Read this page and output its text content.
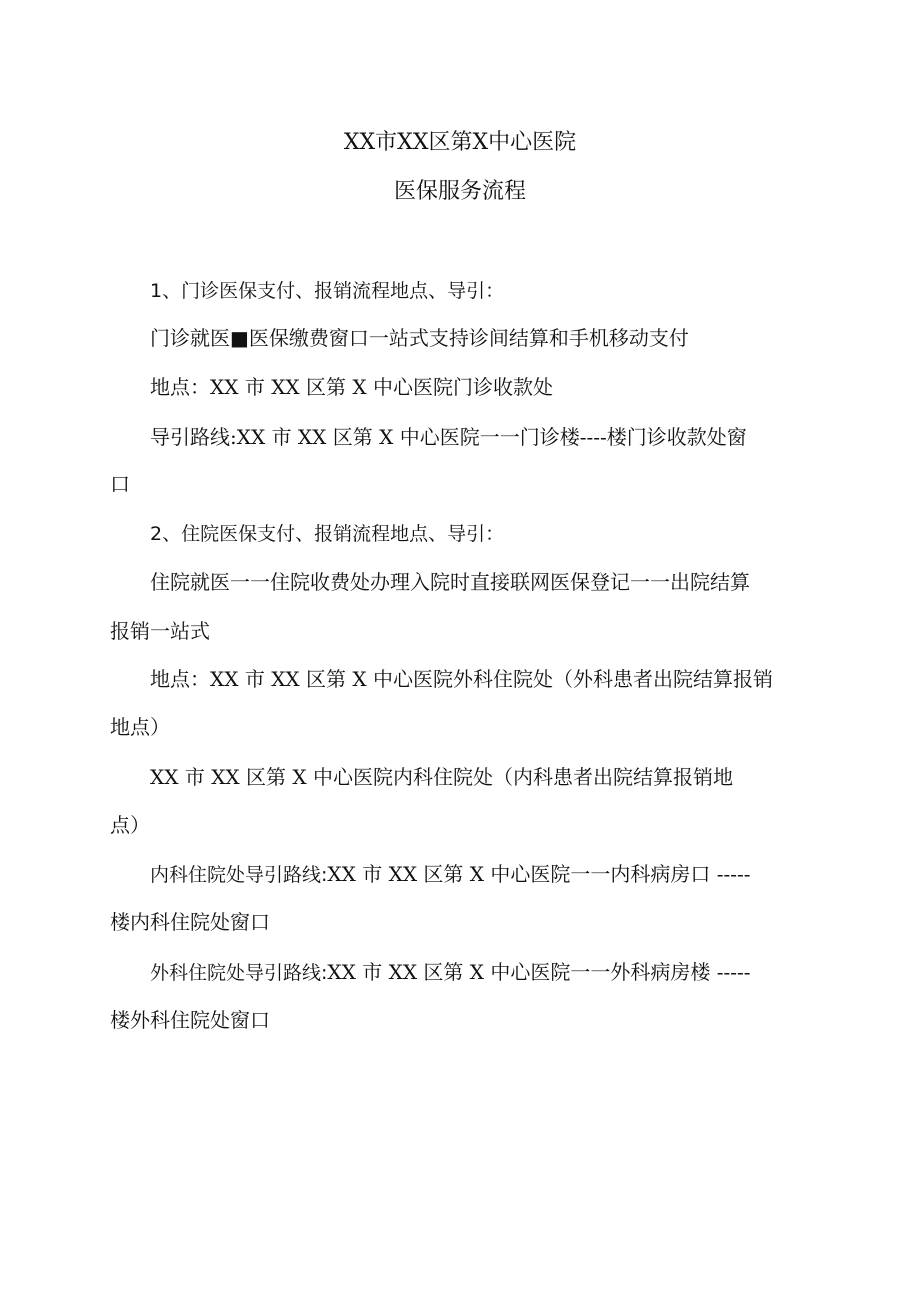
XX市XX区第X中心医院
医保服务流程
1、门诊医保支付、报销流程地点、导引：
门诊就医■医保缴费窗口一站式支持诊间结算和手机移动支付
地点：XX 市 XX 区第 X 中心医院门诊收款处
导引路线:XX 市 XX 区第 X 中心医院一一门诊楼----楼门诊收款处窗
口
2、住院医保支付、报销流程地点、导引：
住院就医一一住院收费处办理入院时直接联网医保登记一一出院结算
报销一站式
地点：XX 市 XX 区第 X 中心医院外科住院处（外科患者出院结算报销
地点）
XX 市 XX 区第 X 中心医院内科住院处（内科患者出院结算报销地
点）
内科住院处导引路线:XX 市 XX 区第 X 中心医院一一内科病房口 -----
楼内科住院处窗口
外科住院处导引路线:XX 市 XX 区第 X 中心医院一一外科病房楼 -----
楼外科住院处窗口
